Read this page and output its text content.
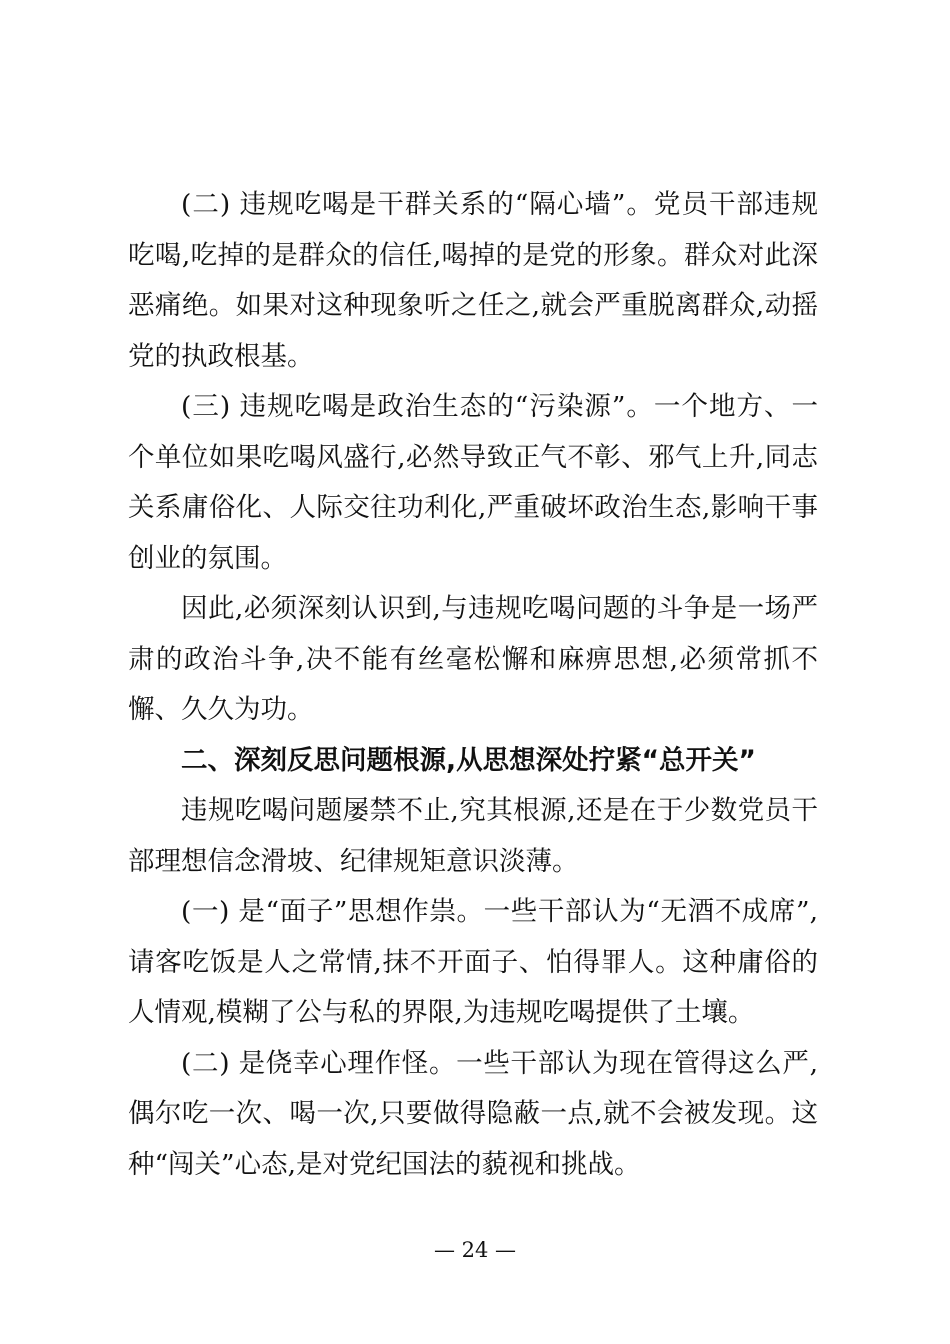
(二) 违规吃喝是干群关系的“隔心墙”。党员干部违规吃喝,吃掉的是群众的信任,喝掉的是党的形象。群众对此深恶痛绝。如果对这种现象听之任之,就会严重脱离群众,动摇党的执政根基。

(三) 违规吃喝是政治生态的“污染源”。一个地方、一个单位如果吃喝风盛行,必然导致正气不彰、邪气上升,同志关系庸俗化、人际交往功利化,严重破坏政治生态,影响干事创业的氛围。

因此,必须深刻认识到,与违规吃喝问题的斗争是一场严肃的政治斗争,决不能有丝毫松懈和麻痹思想,必须常抓不懈、久久为功。

二、深刻反思问题根源,从思想深处拧紧“总开关”

违规吃喝问题屡禁不止,究其根源,还是在于少数党员干部理想信念滑坡、纪律规矩意识淡薄。

(一) 是“面子”思想作祟。一些干部认为“无酒不成席”,请客吃饭是人之常情,抹不开面子、怕得罪人。这种庸俗的人情观,模糊了公与私的界限,为违规吃喝提供了土壤。

(二) 是侥幸心理作怪。一些干部认为现在管得这么严,偶尔吃一次、喝一次,只要做得隐蔽一点,就不会被发现。这种“闯关”心态,是对党纪国法的藐视和挑战。

— 24 —
